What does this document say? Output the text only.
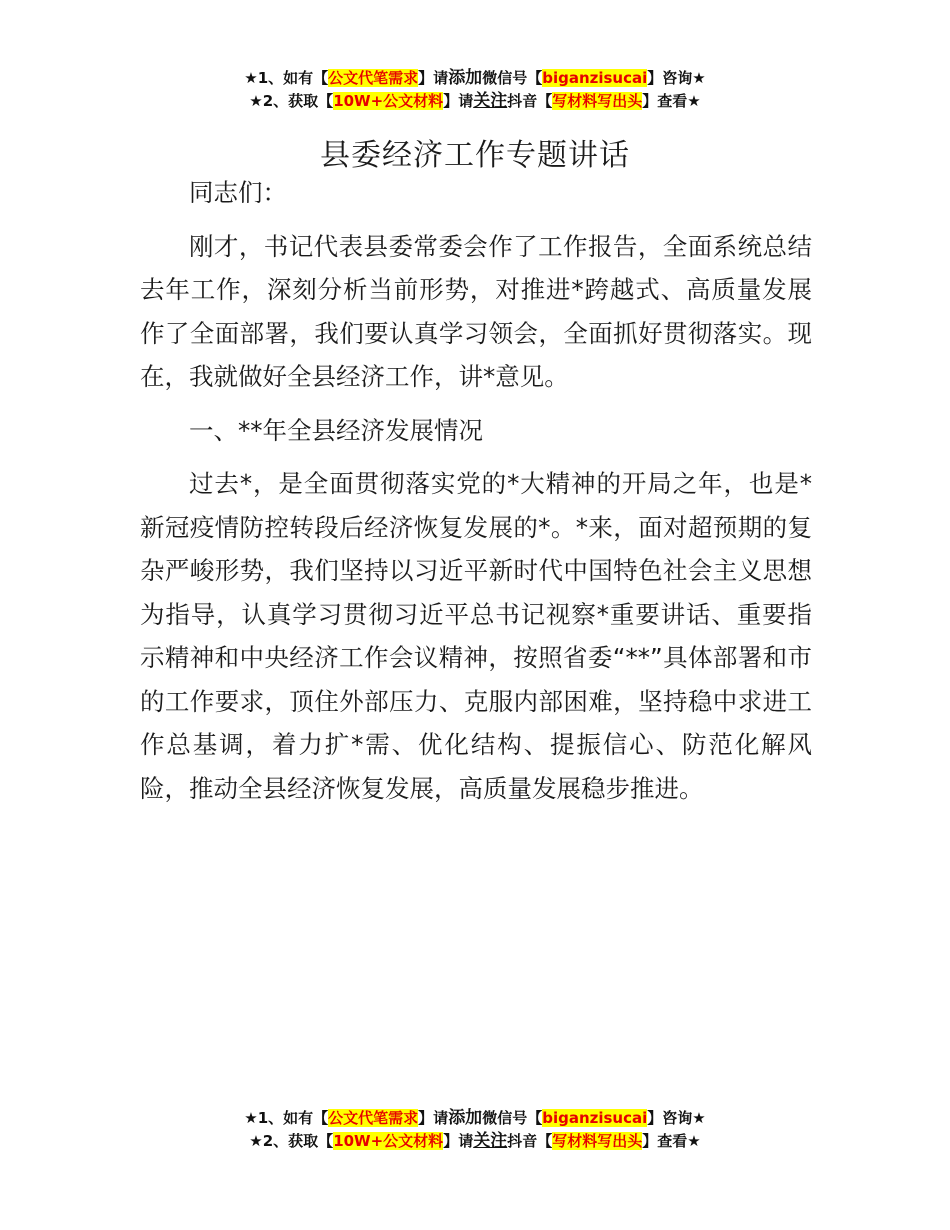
★1、如有【公文代笔需求】请添加微信号【biganzisucai】咨询★
★2、获取【10W+公文材料】请关注抖音【写材料写出头】查看★
县委经济工作专题讲话

同志们：

刚才，书记代表县委常委会作了工作报告，全面系统总结去年工作，深刻分析当前形势，对推进*跨越式、高质量发展作了全面部署，我们要认真学习领会，全面抓好贯彻落实。现在，我就做好全县经济工作，讲*意见。

一、**年全县经济发展情况

过去*，是全面贯彻落实党的*大精神的开局之年，也是*新冠疫情防控转段后经济恢复发展的*。*来，面对超预期的复杂严峻形势，我们坚持以习近平新时代中国特色社会主义思想为指导，认真学习贯彻习近平总书记视察*重要讲话、重要指示精神和中央经济工作会议精神，按照省委“**”具体部署和市的工作要求，顶住外部压力、克服内部困难，坚持稳中求进工作总基调，着力扩*需、优化结构、提振信心、防范化解风险，推动全县经济恢复发展，高质量发展稳步推进。

★1、如有【公文代笔需求】请添加微信号【biganzisucai】咨询★
★2、获取【10W+公文材料】请关注抖音【写材料写出头】查看★
